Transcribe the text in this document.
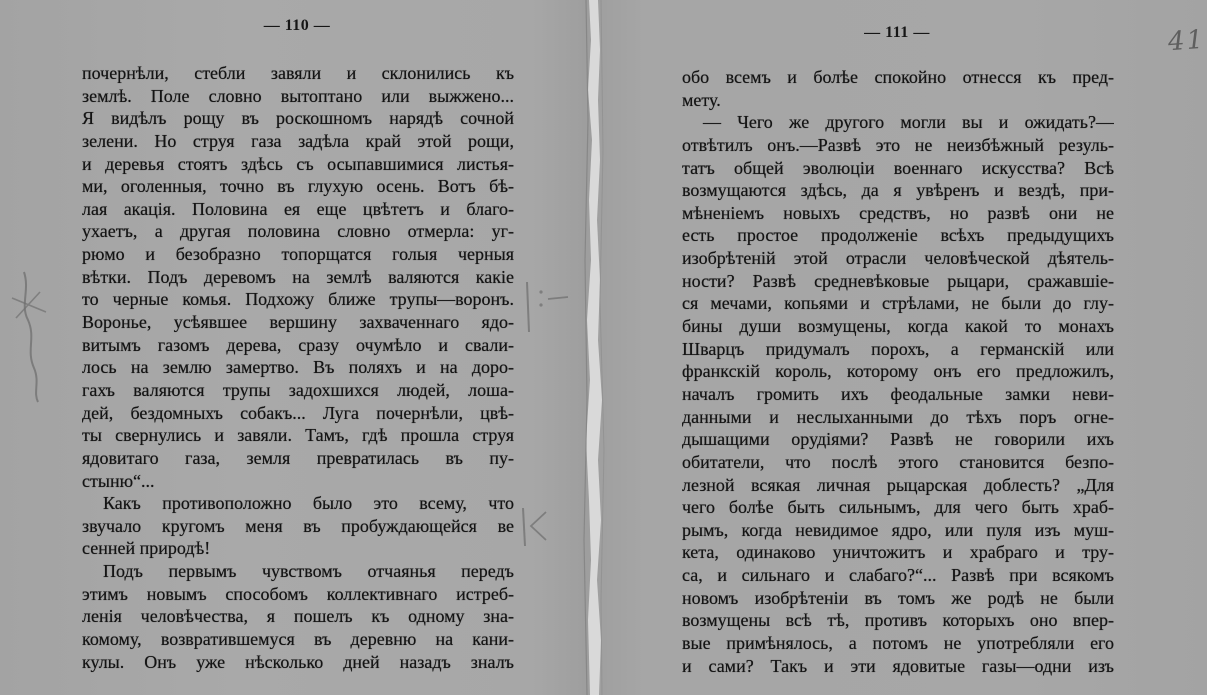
— 110 —	— 111 —	41
почернѣли, стебли завяли и склонились къ
землѣ. Поле словно вытоптано или выжжено...
Я видѣлъ рощу въ роскошномъ нарядѣ сочной
зелени. Но струя газа задѣла край этой рощи,
и деревья стоятъ здѣсь съ осыпавшимися листья-
ми, оголенныя, точно въ глухую осень. Вотъ бѣ-
лая акація. Половина ея еще цвѣтетъ и благо-
ухаетъ, а другая половина словно отмерла: уг-
рюмо и безобразно топорщатся голыя черныя
вѣтки. Подъ деревомъ на землѣ валяются какіе
то черные комья. Подхожу ближе трупы—воронъ.
Воронье, усѣявшее вершину захваченнаго ядо-
витымъ газомъ дерева, сразу очумѣло и свали-
лось на землю замертво. Въ поляхъ и на доро-
гахъ валяются трупы задохшихся людей, лоша-
дей, бездомныхъ собакъ... Луга почернѣли, цвѣ-
ты свернулись и завяли. Тамъ, гдѣ прошла струя
ядовитаго газа, земля превратилась въ пу-
стыню“...
Какъ противоположно было это всему, что
звучало кругомъ меня въ пробуждающейся ве
сенней природѣ!
Подъ первымъ чувствомъ отчаянья передъ
этимъ новымъ способомъ коллективнаго истреб-
ленія человѣчества, я пошелъ къ одному зна-
комому, возвратившемуся въ деревню на кани-
кулы. Онъ уже нѣсколько дней назадъ зналъ
обо всемъ и болѣе спокойно отнесся къ пред-
мету.
— Чего же другого могли вы и ожидать?—
отвѣтилъ онъ.—Развѣ это не неизбѣжный резуль-
татъ общей эволюціи военнаго искусства? Всѣ
возмущаются здѣсь, да я увѣренъ и вездѣ, при-
мѣненіемъ новыхъ средствъ, но развѣ они не
есть простое продолженіе всѣхъ предыдущихъ
изобрѣтеній этой отрасли человѣческой дѣятель-
ности? Развѣ средневѣковые рыцари, сражавшіе-
ся мечами, копьями и стрѣлами, не были до глу-
бины души возмущены, когда какой то монахъ
Шварцъ придумалъ порохъ, а германскій или
франкскій король, которому онъ его предложилъ,
началъ громить ихъ феодальные замки неви-
данными и неслыханными до тѣхъ поръ огне-
дышащими орудіями? Развѣ не говорили ихъ
обитатели, что послѣ этого становится безпо-
лезной всякая личная рыцарская доблесть? „Для
чего болѣе быть сильнымъ, для чего быть храб-
рымъ, когда невидимое ядро, или пуля изъ муш-
кета, одинаково уничтожитъ и храбраго и тру-
са, и сильнаго и слабаго?“... Развѣ при всякомъ
новомъ изобрѣтеніи въ томъ же родѣ не были
возмущены всѣ тѣ, противъ которыхъ оно впер-
вые примѣнялось, а потомъ не употребляли его
и сами? Такъ и эти ядовитые газы—одни изъ
